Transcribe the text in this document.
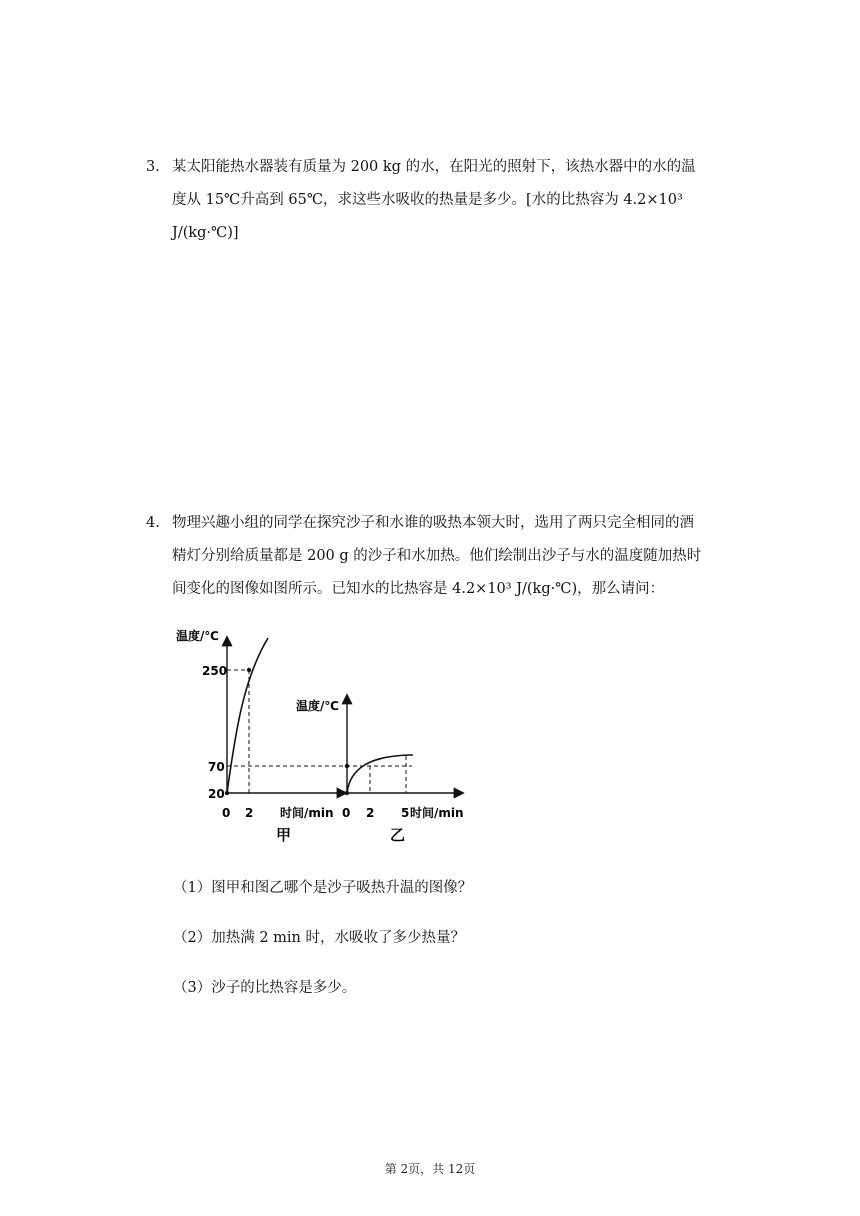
3. 某太阳能热水器装有质量为 200 kg 的水，在阳光的照射下，该热水器中的水的温
度从 15℃升高到 65℃，求这些水吸收的热量是多少。[水的比热容为 4.2×10³
J/(kg·℃)]
4. 物理兴趣小组的同学在探究沙子和水谁的吸热本领大时，选用了两只完全相同的酒
精灯分别给质量都是 200 g 的沙子和水加热。他们绘制出沙子与水的温度随加热时
间变化的图像如图所示。已知水的比热容是 4.2×10³ J/(kg·℃)，那么请问：
温度/℃
250
20
0 2 时间/min
甲
温度/℃
70
0 2 5 时间/min
乙
（1）图甲和图乙哪个是沙子吸热升温的图像？
（2）加热满 2 min 时，水吸收了多少热量？
（3）沙子的比热容是多少。
第 2页，共 12页
